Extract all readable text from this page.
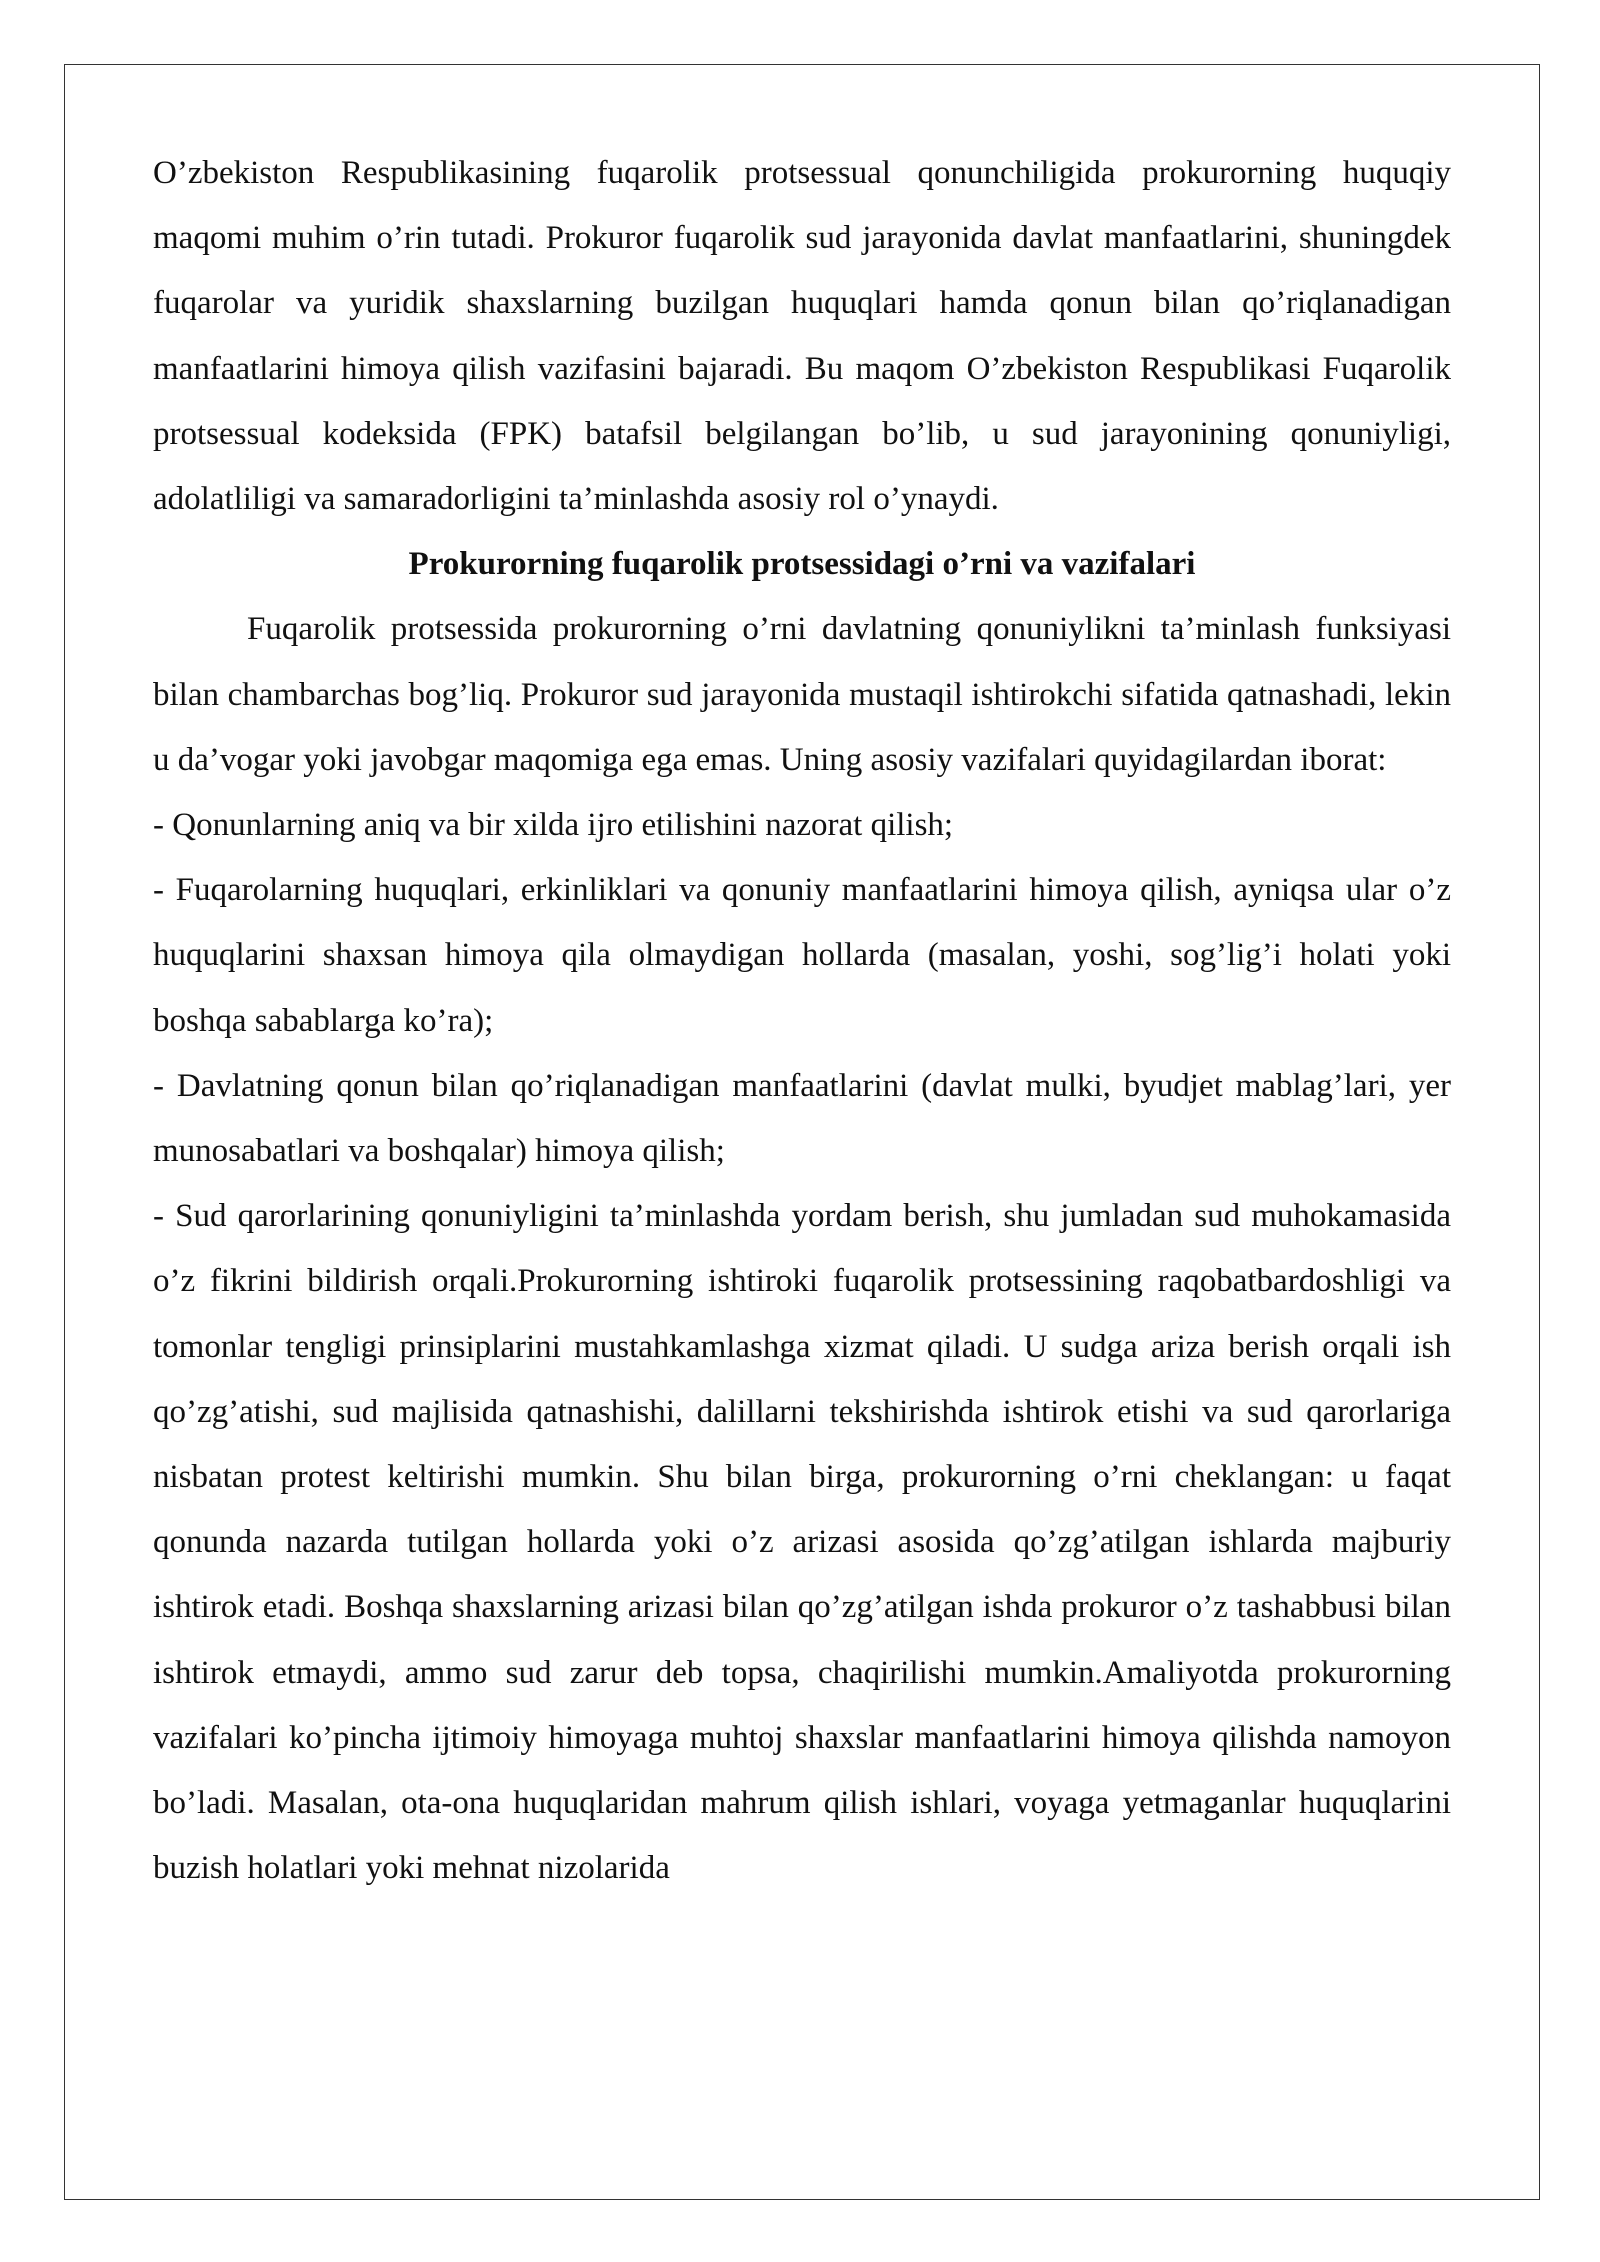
O’zbekiston Respublikasining fuqarolik protsessual qonunchiligida prokurorning huquqiy maqomi muhim o’rin tutadi. Prokuror fuqarolik sud jarayonida davlat manfaatlarini, shuningdek fuqarolar va yuridik shaxslarning buzilgan huquqlari hamda qonun bilan qo’riqlanadigan manfaatlarini himoya qilish vazifasini bajaradi. Bu maqom O’zbekiston Respublikasi Fuqarolik protsessual kodeksida (FPK) batafsil belgilangan bo’lib, u sud jarayonining qonuniyligi, adolatliligi va samaradorligini ta’minlashda asosiy rol o’ynaydi.

Prokurorning fuqarolik protsessidagi o’rni va vazifalari

Fuqarolik protsessida prokurorning o’rni davlatning qonuniylikni ta’minlash funksiyasi bilan chambarchas bog’liq. Prokuror sud jarayonida mustaqil ishtirokchi sifatida qatnashadi, lekin u da’vogar yoki javobgar maqomiga ega emas. Uning asosiy vazifalari quyidagilardan iborat:

- Qonunlarning aniq va bir xilda ijro etilishini nazorat qilish;

- Fuqarolarning huquqlari, erkinliklari va qonuniy manfaatlarini himoya qilish, ayniqsa ular o’z huquqlarini shaxsan himoya qila olmaydigan hollarda (masalan, yoshi, sog’lig’i holati yoki boshqa sabablarga ko’ra);

- Davlatning qonun bilan qo’riqlanadigan manfaatlarini (davlat mulki, byudjet mablag’lari, yer munosabatlari va boshqalar) himoya qilish;

- Sud qarorlarining qonuniyligini ta’minlashda yordam berish, shu jumladan sud muhokamasida o’z fikrini bildirish orqali.Prokurorning ishtiroki fuqarolik protsessining raqobatbardoshligi va tomonlar tengligi prinsiplarini mustahkamlashga xizmat qiladi. U sudga ariza berish orqali ish qo’zg’atishi, sud majlisida qatnashishi, dalillarni tekshirishda ishtirok etishi va sud qarorlariga nisbatan protest keltirishi mumkin. Shu bilan birga, prokurorning o’rni cheklangan: u faqat qonunda nazarda tutilgan hollarda yoki o’z arizasi asosida qo’zg’atilgan ishlarda majburiy ishtirok etadi. Boshqa shaxslarning arizasi bilan qo’zg’atilgan ishda prokuror o’z tashabbusi bilan ishtirok etmaydi, ammo sud zarur deb topsa, chaqirilishi mumkin.Amaliyotda prokurorning vazifalari ko’pincha ijtimoiy himoyaga muhtoj shaxslar manfaatlarini himoya qilishda namoyon bo’ladi. Masalan, ota-ona huquqlaridan mahrum qilish ishlari, voyaga yetmaganlar huquqlarini buzish holatlari yoki mehnat nizolarida
